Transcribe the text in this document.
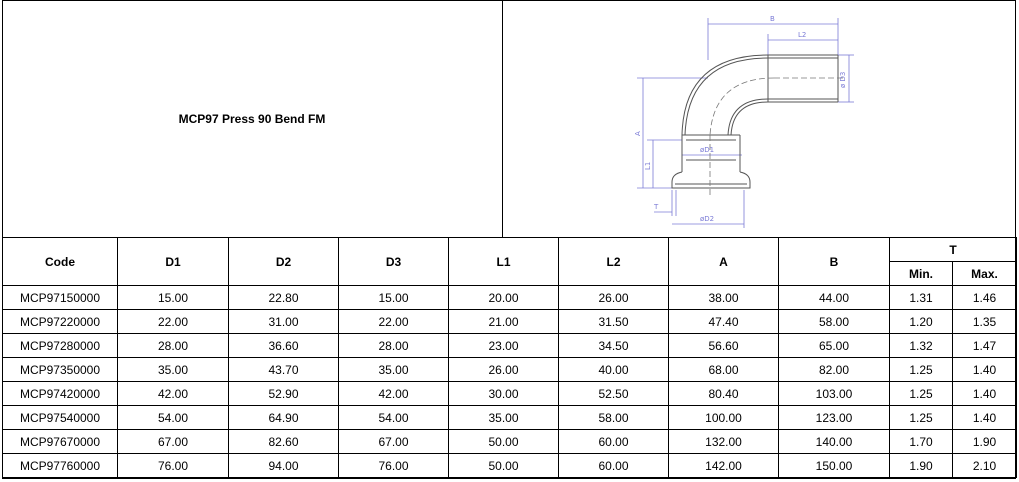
MCP97 Press 90 Bend FM
B
L2
ø D3
A
øD1
L1
T
øD2
Code	D1	D2	D3	L1	L2	A	B	T	
								Min.	Max.
MCP97150000	15.00	22.80	15.00	20.00	26.00	38.00	44.00	1.31	1.46
MCP97220000	22.00	31.00	22.00	21.00	31.50	47.40	58.00	1.20	1.35
MCP97280000	28.00	36.60	28.00	23.00	34.50	56.60	65.00	1.32	1.47
MCP97350000	35.00	43.70	35.00	26.00	40.00	68.00	82.00	1.25	1.40
MCP97420000	42.00	52.90	42.00	30.00	52.50	80.40	103.00	1.25	1.40
MCP97540000	54.00	64.90	54.00	35.00	58.00	100.00	123.00	1.25	1.40
MCP97670000	67.00	82.60	67.00	50.00	60.00	132.00	140.00	1.70	1.90
MCP97760000	76.00	94.00	76.00	50.00	60.00	142.00	150.00	1.90	2.10
